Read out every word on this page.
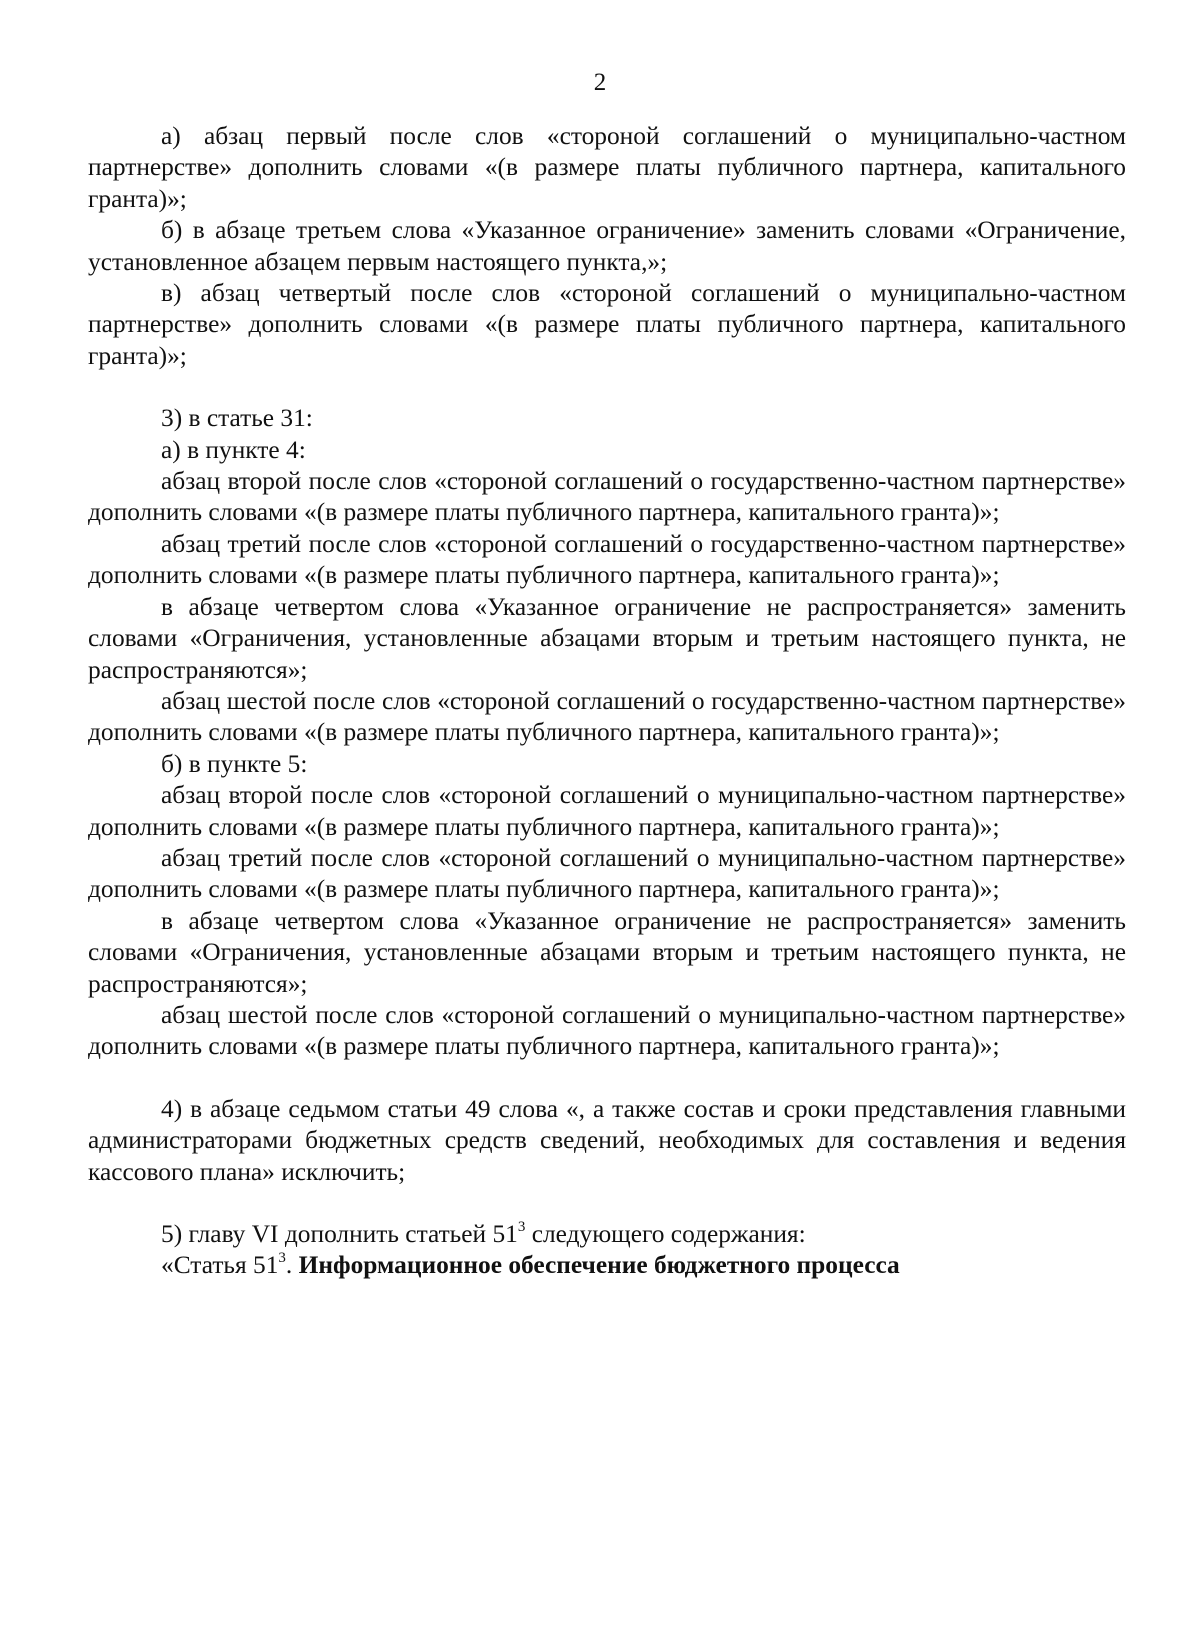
2

а) абзац первый после слов «стороной соглашений о муниципально-частном партнерстве» дополнить словами «(в размере платы публичного партнера, капитального гранта)»;

б) в абзаце третьем слова «Указанное ограничение» заменить словами «Ограничение, установленное абзацем первым настоящего пункта,»;

в) абзац четвертый после слов «стороной соглашений о муниципально-частном партнерстве» дополнить словами «(в размере платы публичного партнера, капитального гранта)»;

3) в статье 31:

а) в пункте 4:

абзац второй после слов «стороной соглашений о государственно-частном партнерстве» дополнить словами «(в размере платы публичного партнера, капитального гранта)»;

абзац третий после слов «стороной соглашений о государственно-частном партнерстве» дополнить словами «(в размере платы публичного партнера, капитального гранта)»;

в абзаце четвертом слова «Указанное ограничение не распространяется» заменить словами «Ограничения, установленные абзацами вторым и третьим настоящего пункта, не распространяются»;

абзац шестой после слов «стороной соглашений о государственно-частном партнерстве» дополнить словами «(в размере платы публичного партнера, капитального гранта)»;

б) в пункте 5:

абзац второй после слов «стороной соглашений о муниципально-частном партнерстве» дополнить словами «(в размере платы публичного партнера, капитального гранта)»;

абзац третий после слов «стороной соглашений о муниципально-частном партнерстве» дополнить словами «(в размере платы публичного партнера, капитального гранта)»;

в абзаце четвертом слова «Указанное ограничение не распространяется» заменить словами «Ограничения, установленные абзацами вторым и третьим настоящего пункта, не распространяются»;

абзац шестой после слов «стороной соглашений о муниципально-частном партнерстве» дополнить словами «(в размере платы публичного партнера, капитального гранта)»;

4) в абзаце седьмом статьи 49 слова «, а также состав и сроки представления главными администраторами бюджетных средств сведений, необходимых для составления и ведения кассового плана» исключить;

5) главу VI дополнить статьей $51^3$ следующего содержания:

«Статья $51^3$. Информационное обеспечение бюджетного процесса
